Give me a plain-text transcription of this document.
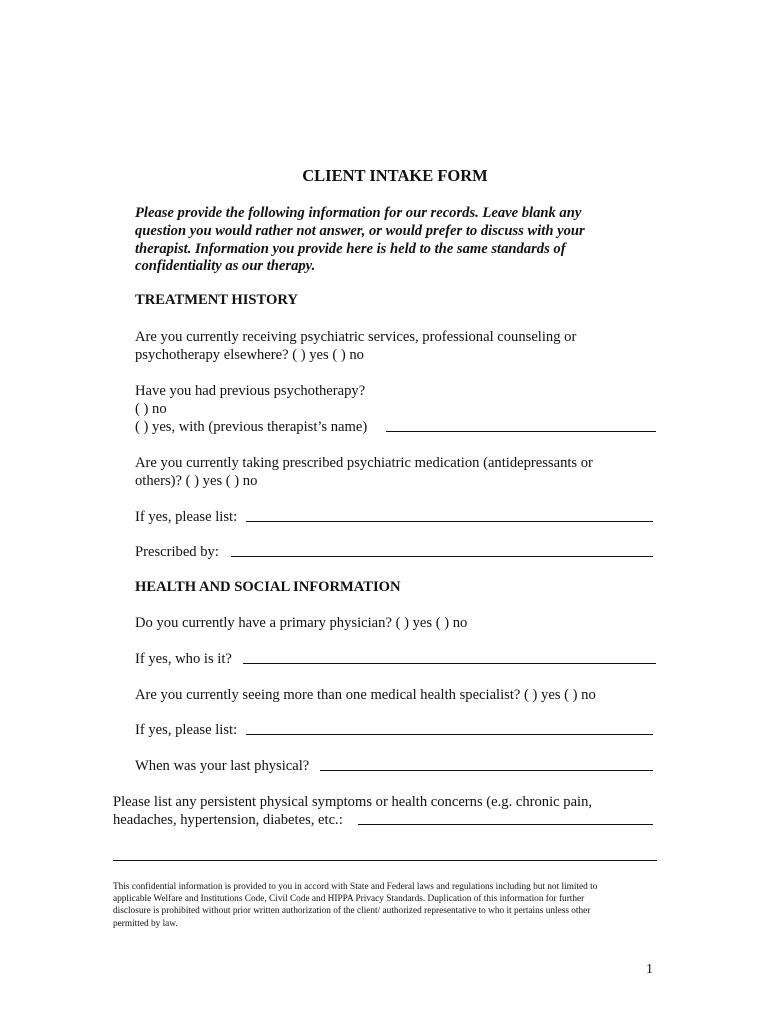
CLIENT INTAKE FORM
Please provide the following information for our records. Leave blank any
question you would rather not answer, or would prefer to discuss with your
therapist. Information you provide here is held to the same standards of
confidentiality as our therapy.
TREATMENT HISTORY
Are you currently receiving psychiatric services, professional counseling or
psychotherapy elsewhere? ( ) yes ( ) no
Have you had previous psychotherapy?
( ) no
( ) yes, with (previous therapist’s name)
Are you currently taking prescribed psychiatric medication (antidepressants or
others)? ( ) yes ( ) no
If yes, please list:
Prescribed by:
HEALTH AND SOCIAL INFORMATION
Do you currently have a primary physician? ( ) yes ( ) no
If yes, who is it?
Are you currently seeing more than one medical health specialist? ( ) yes ( ) no
If yes, please list:
When was your last physical?
Please list any persistent physical symptoms or health concerns (e.g. chronic pain,
headaches, hypertension, diabetes, etc.:
This confidential information is provided to you in accord with State and Federal laws and regulations including but not limited to
applicable Welfare and Institutions Code, Civil Code and HIPPA Privacy Standards. Duplication of this information for further
disclosure is prohibited without prior written authorization of the client/ authorized representative to who it pertains unless other
permitted by law.
1
